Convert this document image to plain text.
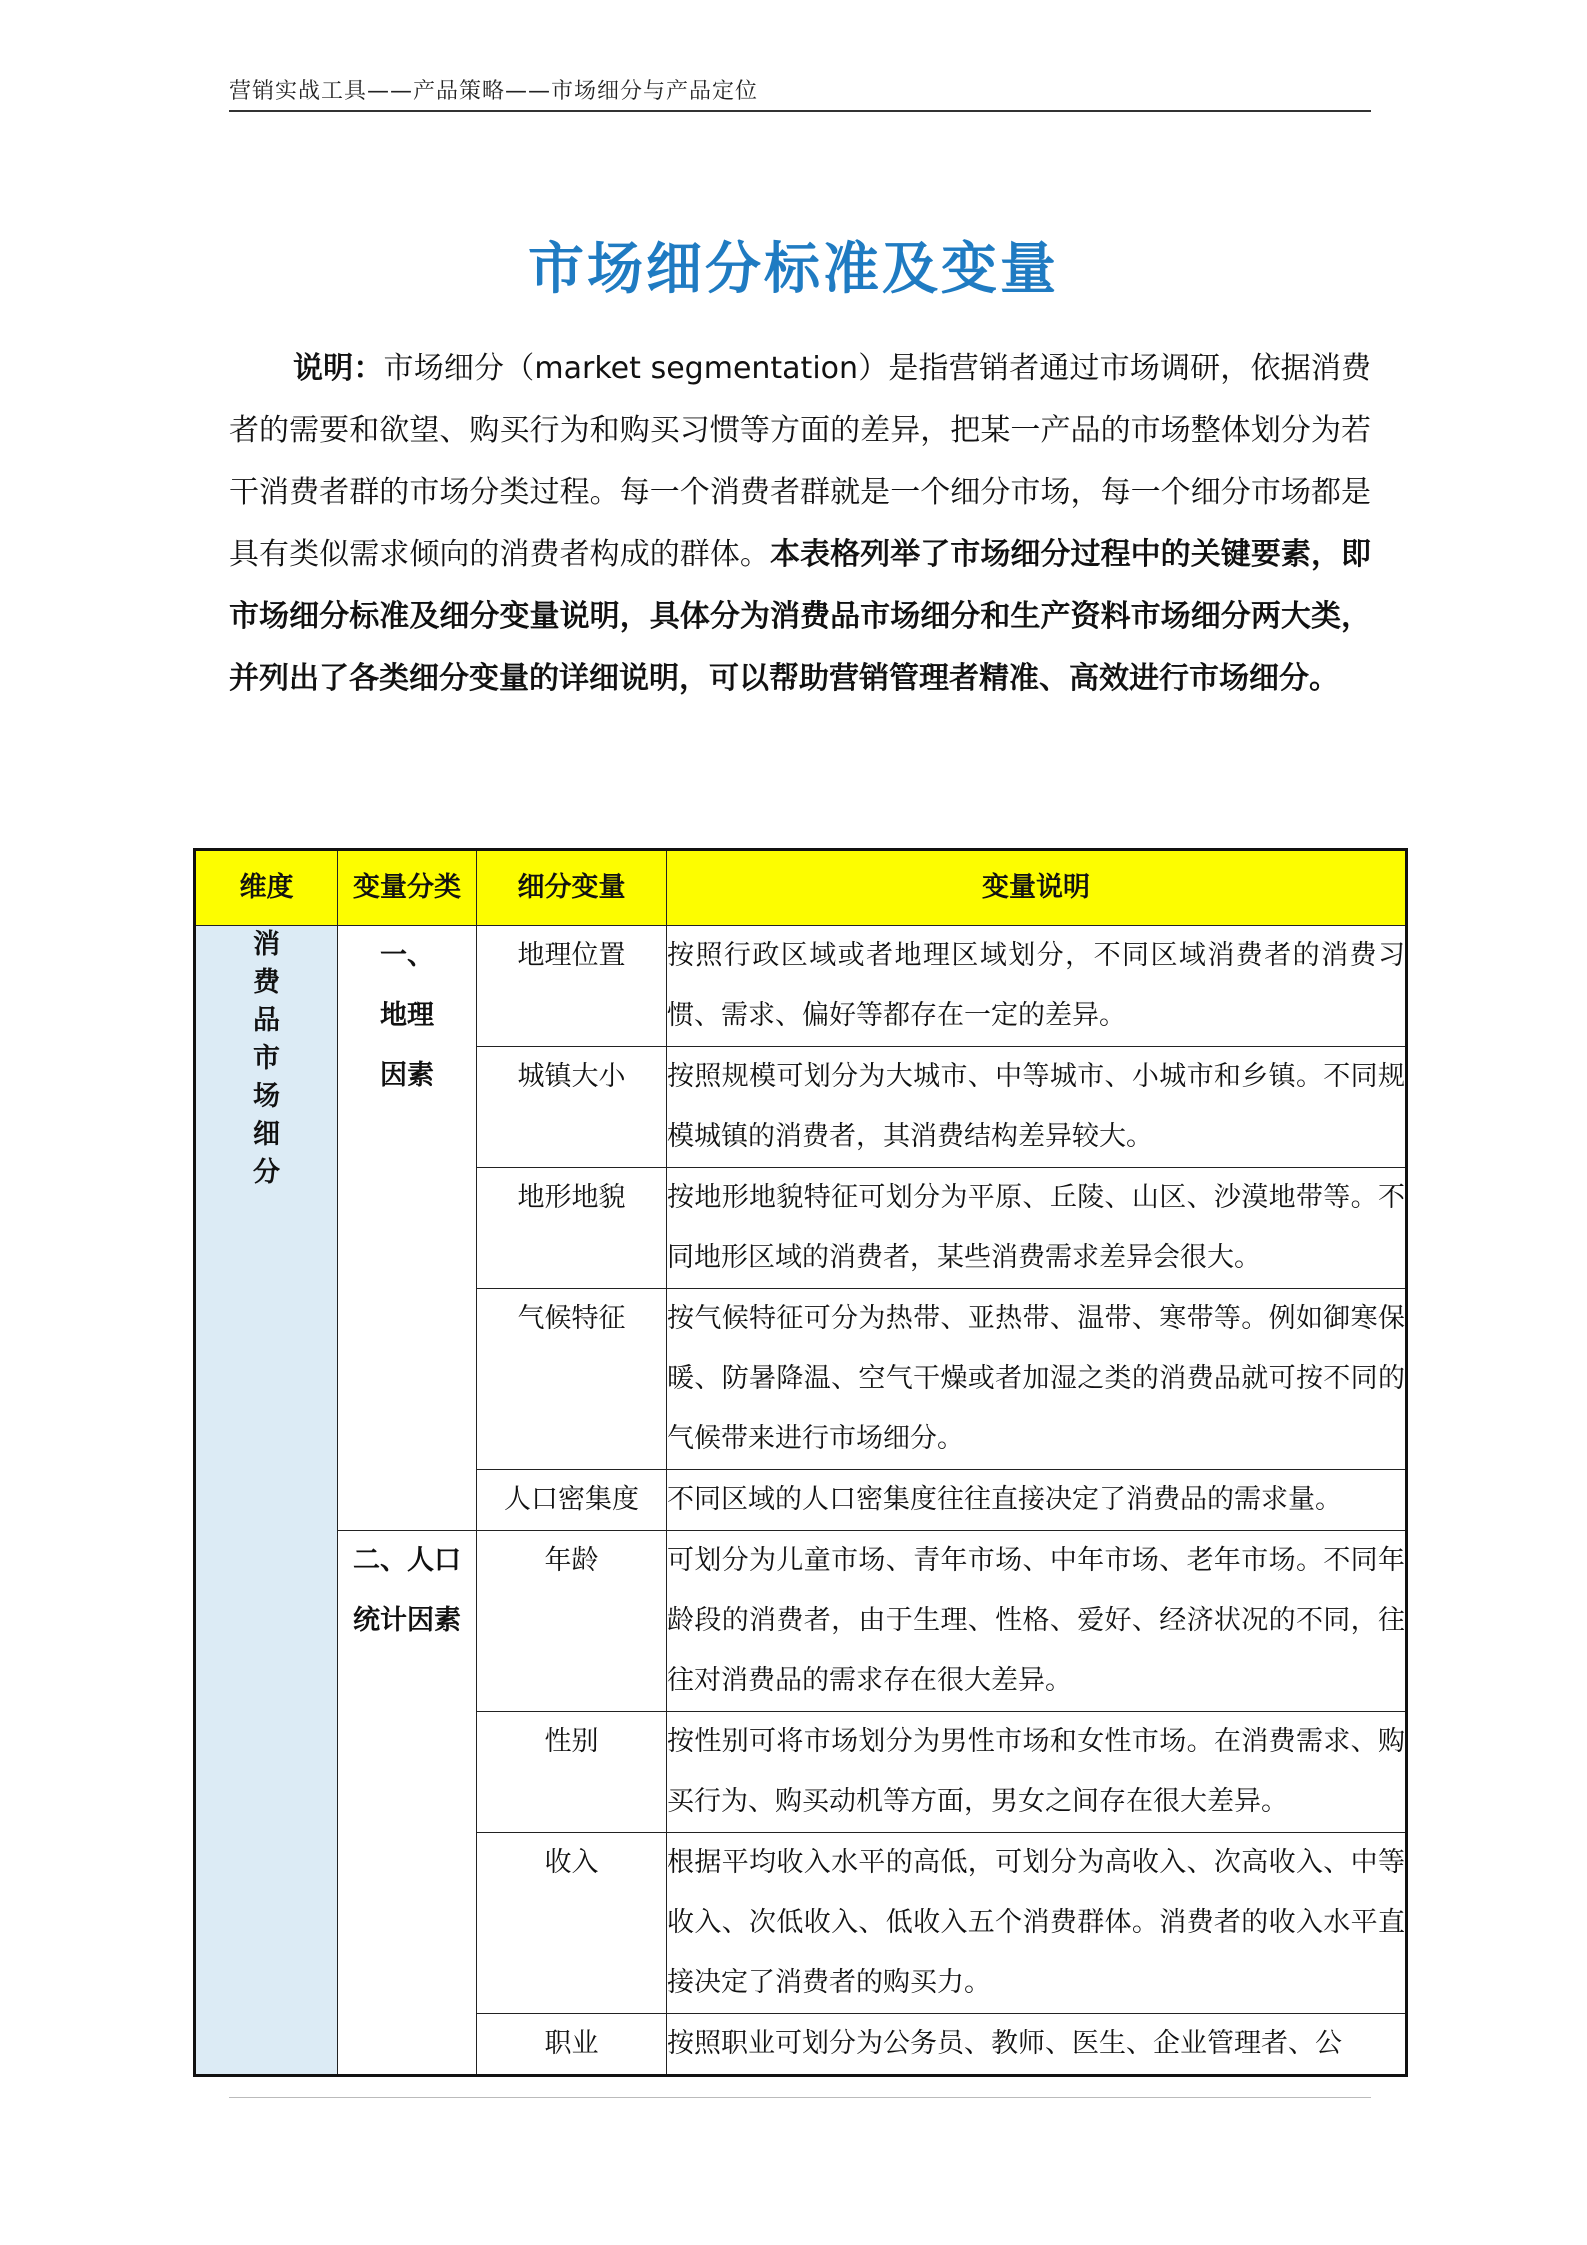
营销实战工具——产品策略——市场细分与产品定位
市场细分标准及变量
说明：市场细分（market segmentation）是指营销者通过市场调研，依据消费者的需要和欲望、购买行为和购买习惯等方面的差异，把某一产品的市场整体划分为若干消费者群的市场分类过程。每一个消费者群就是一个细分市场，每一个细分市场都是具有类似需求倾向的消费者构成的群体。本表格列举了市场细分过程中的关键要素，即市场细分标准及细分变量说明，具体分为消费品市场细分和生产资料市场细分两大类，并列出了各类细分变量的详细说明，可以帮助营销管理者精准、高效进行市场细分。
维度	变量分类	细分变量	变量说明
消费品市场细分	一、地理因素	地理位置	按照行政区域或者地理区域划分，不同区域消费者的消费习惯、需求、偏好等都存在一定的差异。
		城镇大小	按照规模可划分为大城市、中等城市、小城市和乡镇。不同规模城镇的消费者，其消费结构差异较大。
		地形地貌	按地形地貌特征可划分为平原、丘陵、山区、沙漠地带等。不同地形区域的消费者，某些消费需求差异会很大。
		气候特征	按气候特征可分为热带、亚热带、温带、寒带等。例如御寒保暖、防暑降温、空气干燥或者加湿之类的消费品就可按不同的气候带来进行市场细分。
		人口密集度	不同区域的人口密集度往往直接决定了消费品的需求量。
	二、人口统计因素	年龄	可划分为儿童市场、青年市场、中年市场、老年市场。不同年龄段的消费者，由于生理、性格、爱好、经济状况的不同，往往对消费品的需求存在很大差异。
		性别	按性别可将市场划分为男性市场和女性市场。在消费需求、购买行为、购买动机等方面，男女之间存在很大差异。
		收入	根据平均收入水平的高低，可划分为高收入、次高收入、中等收入、次低收入、低收入五个消费群体。消费者的收入水平直接决定了消费者的购买力。
		职业	按照职业可划分为公务员、教师、医生、企业管理者、公
